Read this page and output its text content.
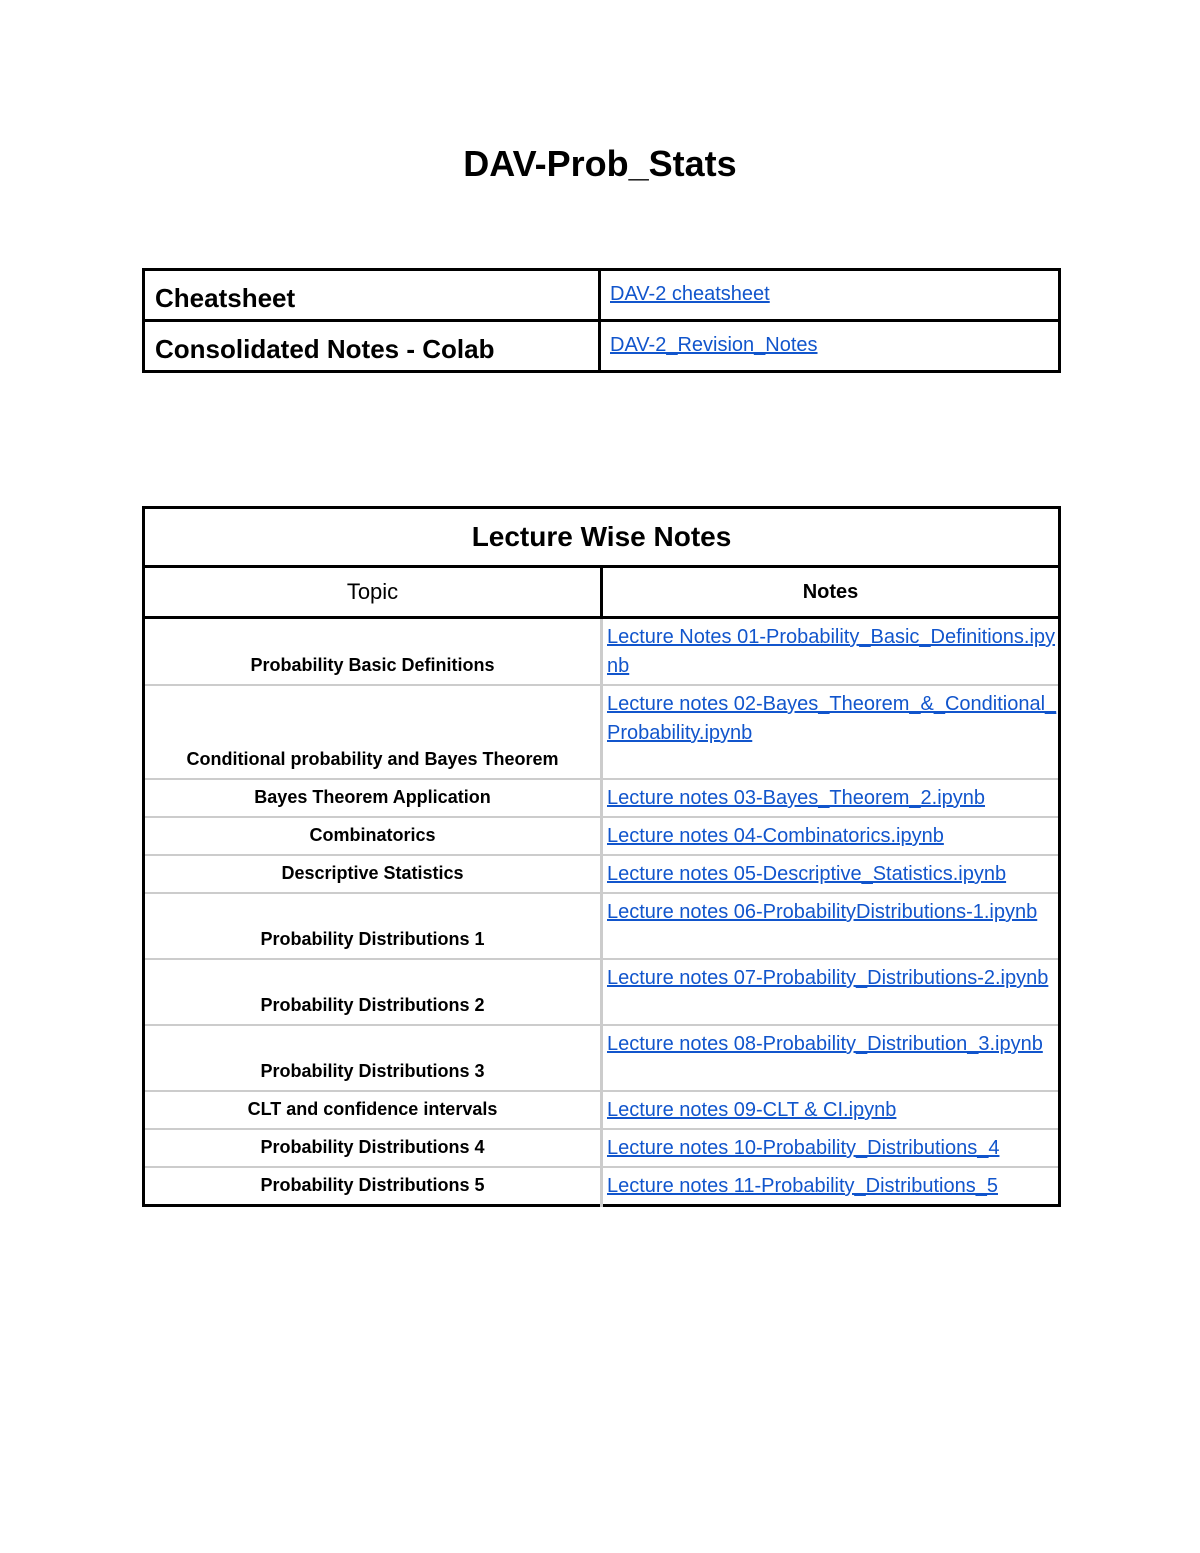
DAV-Prob_Stats
Cheatsheet	DAV-2 cheatsheet
Consolidated Notes - Colab	DAV-2_Revision_Notes
Lecture Wise Notes	
Topic	Notes
Probability Basic Definitions	Lecture Notes 01-Probability_Basic_Definitions.ipynb
Conditional probability and Bayes Theorem	Lecture notes 02-Bayes_Theorem_&_Conditional_Probability.ipynb
Bayes Theorem Application	Lecture notes 03-Bayes_Theorem_2.ipynb
Combinatorics	Lecture notes 04-Combinatorics.ipynb
Descriptive Statistics	Lecture notes 05-Descriptive_Statistics.ipynb
Probability Distributions 1	Lecture notes 06-ProbabilityDistributions-1.ipynb
Probability Distributions 2	Lecture notes 07-Probability_Distributions-2.ipynb
Probability Distributions 3	Lecture notes 08-Probability_Distribution_3.ipynb
CLT and confidence intervals	Lecture notes 09-CLT & CI.ipynb
Probability Distributions 4	Lecture notes 10-Probability_Distributions_4
Probability Distributions 5	Lecture notes 11-Probability_Distributions_5
